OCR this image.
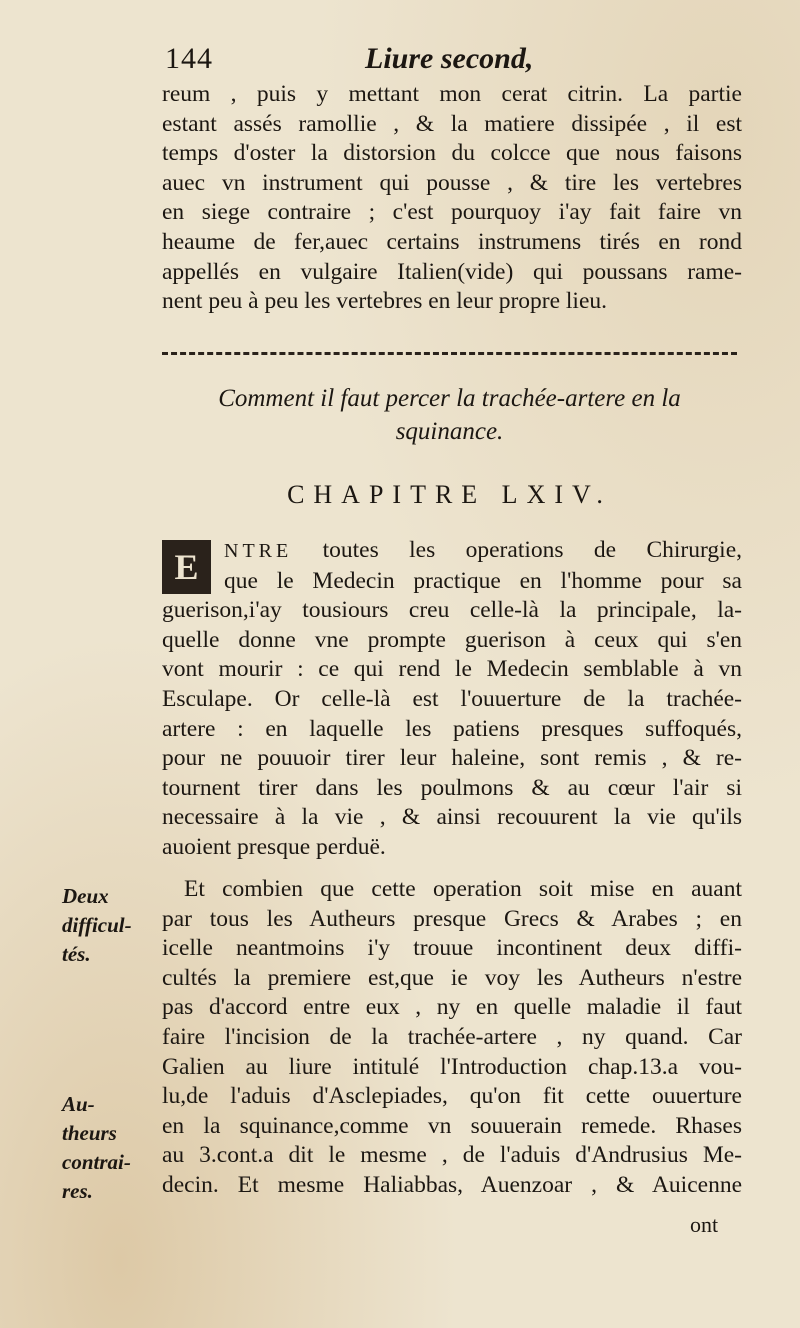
144	Liure second,
reum , puis y mettant mon cerat citrin. La partie
estant assés ramollie , & la matiere dissipée , il est
temps d'oster la distorsion du colcce que nous faisons
auec vn instrument qui pousse , & tire les vertebres
en siege contraire ; c'est pourquoy i'ay fait faire vn
heaume de fer,auec certains instrumens tirés en rond
appellés en vulgaire Italien(vide) qui poussans rame-
nent peu à peu les vertebres en leur propre lieu.
Comment il faut percer la trachée-artere en la
squinance.
CHAPITRE LXIV.
E	NTRE toutes les operations de Chirurgie,
que le Medecin practique en l'homme pour sa
guerison,i'ay tousiours creu celle-là la principale, la-
quelle donne vne prompte guerison à ceux qui s'en
vont mourir : ce qui rend le Medecin semblable à vn
Esculape. Or celle-là est l'ouuerture de la trachée-
artere : en laquelle les patiens presques suffoqués,
pour ne pouuoir tirer leur haleine, sont remis , & re-
tournent tirer dans les poulmons & au cœur l'air si
necessaire à la vie , & ainsi recouurent la vie qu'ils
auoient presque perduë.
Et combien que cette operation soit mise en auant
par tous les Autheurs presque Grecs & Arabes ; en
icelle neantmoins i'y trouue incontinent deux diffi-
cultés la premiere est,que ie voy les Autheurs n'estre
pas d'accord entre eux , ny en quelle maladie il faut
faire l'incision de la trachée-artere , ny quand. Car
Galien au liure intitulé l'Introduction chap.13.a vou-
lu,de l'aduis d'Asclepiades, qu'on fit cette ouuerture
en la squinance,comme vn souuerain remede. Rhases
au 3.cont.a dit le mesme , de l'aduis d'Andrusius Me-
decin. Et mesme Haliabbas, Auenzoar , & Auicenne
Deux
difficul-
tés.
Au-
theurs
contrai-
res.
ont
